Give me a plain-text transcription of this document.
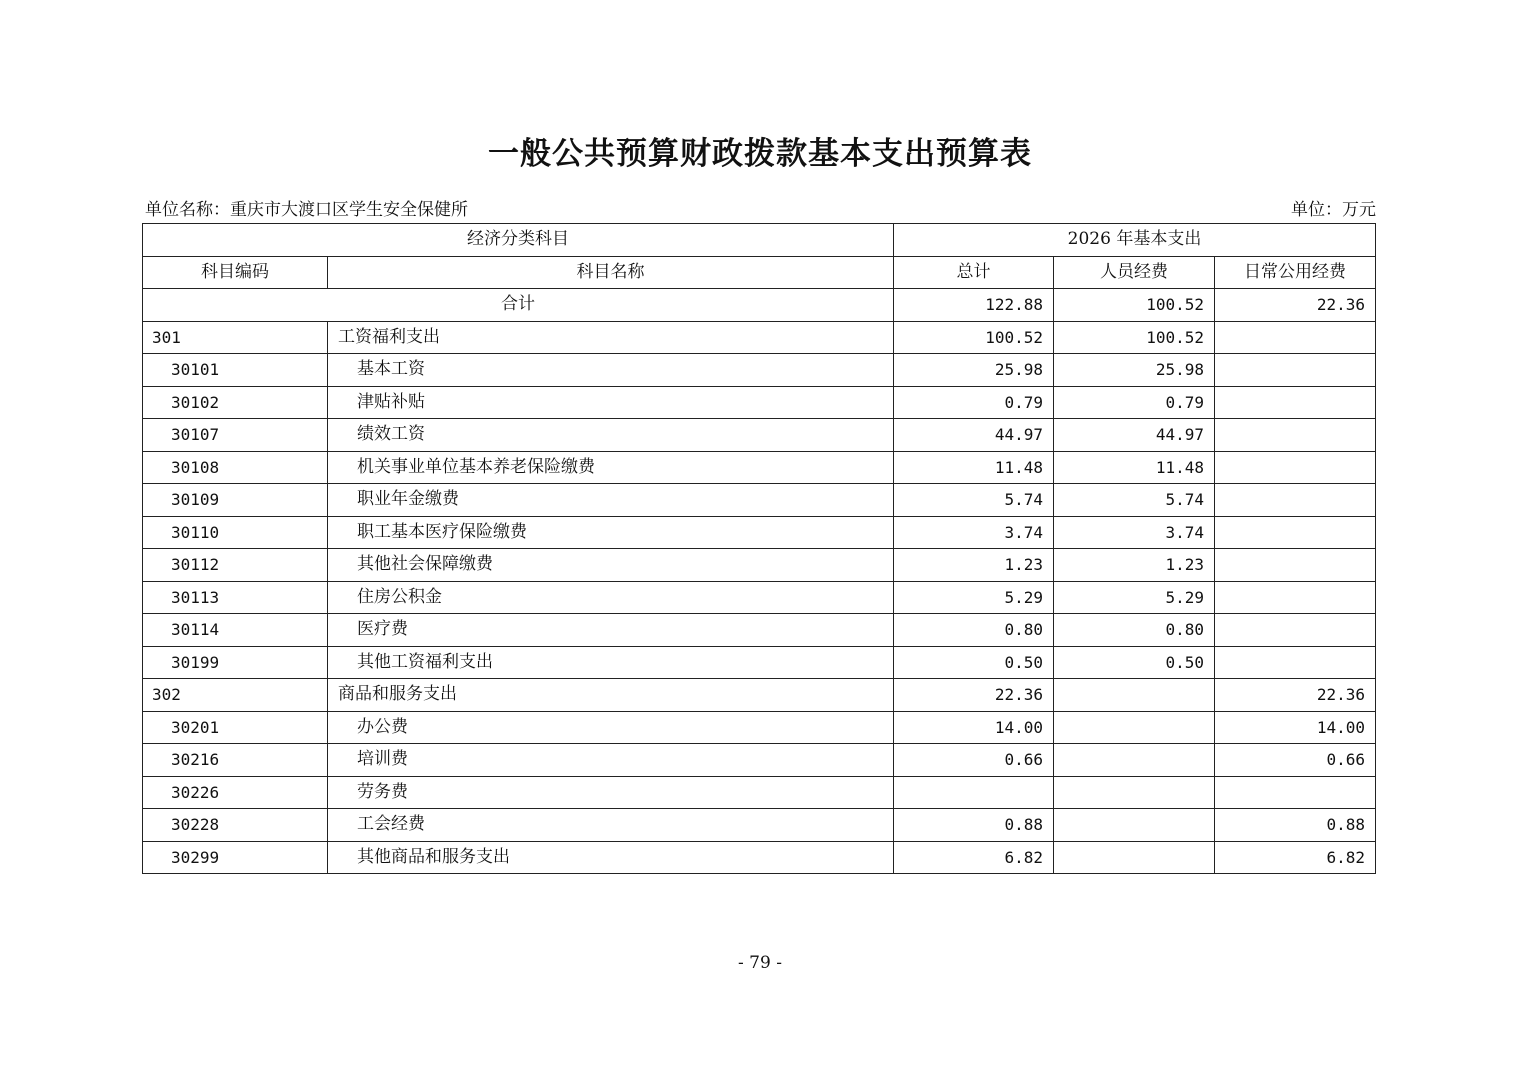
一般公共预算财政拨款基本支出预算表
单位名称：重庆市大渡口区学生安全保健所	单位：万元
经济分类科目		2026 年基本支出		
科目编码	科目名称	总计	人员经费	日常公用经费
合计		122.88	100.52	22.36
301	工资福利支出	100.52	100.52	
30101	基本工资	25.98	25.98	
30102	津贴补贴	0.79	0.79	
30107	绩效工资	44.97	44.97	
30108	机关事业单位基本养老保险缴费	11.48	11.48	
30109	职业年金缴费	5.74	5.74	
30110	职工基本医疗保险缴费	3.74	3.74	
30112	其他社会保障缴费	1.23	1.23	
30113	住房公积金	5.29	5.29	
30114	医疗费	0.80	0.80	
30199	其他工资福利支出	0.50	0.50	
302	商品和服务支出	22.36		22.36
30201	办公费	14.00		14.00
30216	培训费	0.66		0.66
30226	劳务费			
30228	工会经费	0.88		0.88
30299	其他商品和服务支出	6.82		6.82
- 79 -
